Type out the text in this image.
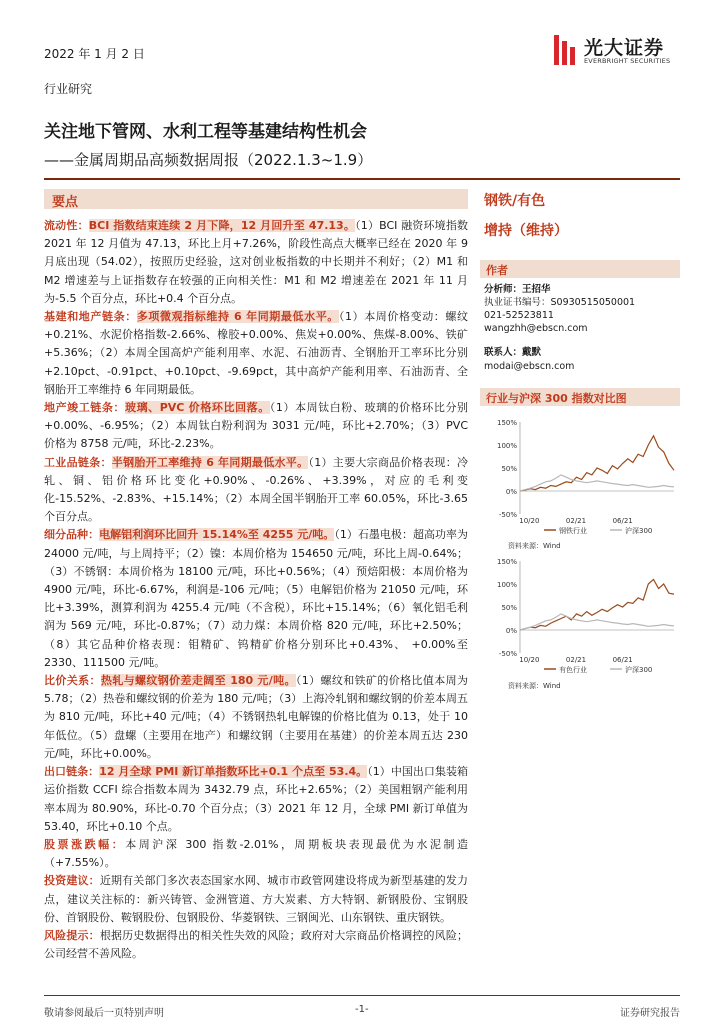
2022 年 1 月 2 日	光大证券
EVERBRIGHT SECURITIES
行业研究
关注地下管网、水利工程等基建结构性机会
——金属周期品高频数据周报（2022.1.3~1.9）
要点

流动性：BCI 指数结束连续 2 月下降，12 月回升至 47.13。（1）BCI 融资环境指数 2021 年 12 月值为 47.13，环比上月+7.26%，阶段性高点大概率已经在 2020 年 9 月底出现（54.02），按照历史经验，这对创业板指数的中长期并不利好；（2）M1 和 M2 增速差与上证指数存在较强的正向相关性：M1 和 M2 增速差在 2021 年 11 月为-5.5 个百分点，环比+0.4 个百分点。

基建和地产链条：多项微观指标维持 6 年同期最低水平。（1）本周价格变动：螺纹+0.21%、水泥价格指数-2.66%、橡胶+0.00%、焦炭+0.00%、焦煤-8.00%、铁矿+5.36%；（2）本周全国高炉产能利用率、水泥、石油沥青、全钢胎开工率环比分别+2.10pct、-0.91pct、+0.10pct、-9.69pct，其中高炉产能利用率、石油沥青、全钢胎开工率维持 6 年同期最低。

地产竣工链条：玻璃、PVC 价格环比回落。（1）本周钛白粉、玻璃的价格环比分别+0.00%、-6.95%；（2）本周钛白粉利润为 3031 元/吨，环比+2.70%；（3）PVC 价格为 8758 元/吨，环比-2.23%。

工业品链条：半钢胎开工率维持 6 年同期最低水平。（1）主要大宗商品价格表现：冷轧、铜、铝价格环比变化+0.90%、-0.26%、+3.39%，对应的毛利变化-15.52%、-2.83%、+15.14%；（2）本周全国半钢胎开工率 60.05%，环比-3.65 个百分点。

细分品种：电解铝利润环比回升 15.14%至 4255 元/吨。（1）石墨电极：超高功率为 24000 元/吨，与上周持平；（2）镍：本周价格为 154650 元/吨，环比上周-0.64%；（3）不锈钢：本周价格为 18100 元/吨，环比+0.56%；（4）预焙阳极：本周价格为 4900 元/吨，环比-6.67%，利润是-106 元/吨；（5）电解铝价格为 21050 元/吨，环比+3.39%，测算利润为 4255.4 元/吨（不含税），环比+15.14%；（6）氧化铝毛利润为 569 元/吨，环比-0.87%；（7）动力煤：本周价格 820 元/吨，环比+2.50%；（8）其它品种价格表现：钼精矿、钨精矿价格分别环比+0.43%、 +0.00%至 2330、111500 元/吨。

比价关系：热轧与螺纹钢价差走阔至 180 元/吨。（1）螺纹和铁矿的价格比值本周为 5.78；（2）热卷和螺纹钢的价差为 180 元/吨；（3）上海冷轧钢和螺纹钢的价差本周五为 810 元/吨，环比+40 元/吨；（4）不锈钢热轧电解镍的价格比值为 0.13，处于 10 年低位。（5）盘螺（主要用在地产）和螺纹钢（主要用在基建）的价差本周五达 230 元/吨，环比+0.00%。

出口链条：12 月全球 PMI 新订单指数环比+0.1 个点至 53.4。（1）中国出口集装箱运价指数 CCFI 综合指数本周为 3432.79 点，环比+2.65%；（2）美国粗钢产能利用率本周为 80.90%，环比-0.70 个百分点；（3）2021 年 12 月，全球 PMI 新订单值为 53.40，环比+0.10 个点。

股票涨跌幅：本周沪深 300 指数-2.01%，周期板块表现最优为水泥制造（+7.55%）。

投资建议：近期有关部门多次表态国家水网、城市市政管网建设将成为新型基建的发力点，建议关注标的：新兴铸管、金洲管道、方大炭素、方大特钢、新钢股份、宝钢股份、首钢股份、鞍钢股份、包钢股份、华菱钢铁、三钢闽光、山东钢铁、重庆钢铁。

风险提示：根据历史数据得出的相关性失效的风险；政府对大宗商品价格调控的风险；公司经营不善风险。

钢铁/有色
增持（维持）
作者
分析师：王招华
执业证书编号：S0930515050001
021-52523811
wangzhh@ebscn.com
联系人：戴默
modai@ebscn.com
行业与沪深 300 指数对比图
-50%
0%
50%
100%
150%
10/20	02/21	06/21
钢铁行业	沪深300
资料来源：Wind
-50%
0%
50%
100%
150%
10/20	02/21	06/21
有色行业	沪深300
资料来源：Wind
敬请参阅最后一页特别声明	-1-	证券研究报告
